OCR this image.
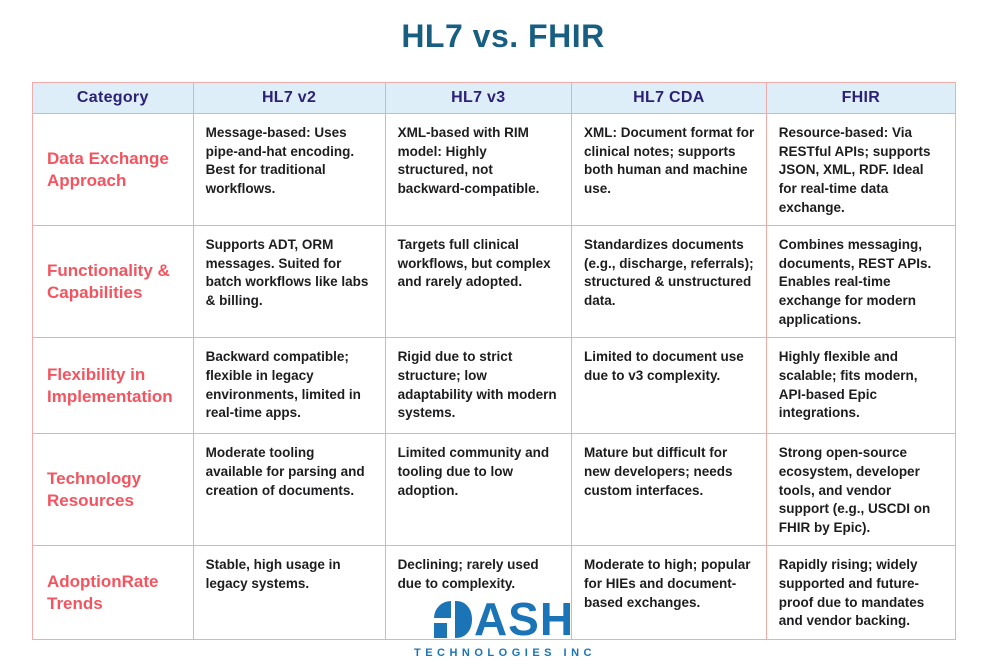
HL7 vs. FHIR
Category	HL7 v2	HL7 v3	HL7 CDA	FHIR
Data Exchange Approach	Message-based: Uses pipe-and-hat encoding. Best for traditional workflows.	XML-based with RIM model: Highly structured, not backward-compatible.	XML: Document format for clinical notes; supports both human and machine use.	Resource-based: Via RESTful APIs; supports JSON, XML, RDF. Ideal for real-time data exchange.
Functionality & Capabilities	Supports ADT, ORM messages. Suited for batch workflows like labs & billing.	Targets full clinical workflows, but complex and rarely adopted.	Standardizes documents (e.g., discharge, referrals); structured & unstructured data.	Combines messaging, documents, REST APIs. Enables real-time exchange for modern applications.
Flexibility in Implementation	Backward compatible; flexible in legacy environments, limited in real-time apps.	Rigid due to strict structure; low adaptability with modern systems.	Limited to document use due to v3 complexity.	Highly flexible and scalable; fits modern, API-based Epic integrations.
Technology Resources	Moderate tooling available for parsing and creation of documents.	Limited community and tooling due to low adoption.	Mature but difficult for new developers; needs custom interfaces.	Strong open-source ecosystem, developer tools, and vendor support (e.g., USCDI on FHIR by Epic).
AdoptionRate Trends	Stable, high usage in legacy systems.	Declining; rarely used due to complexity.	Moderate to high; popular for HIEs and document-based exchanges.	Rapidly rising; widely supported and future-proof due to mandates and vendor backing.
ASH
TECHNOLOGIES INC
